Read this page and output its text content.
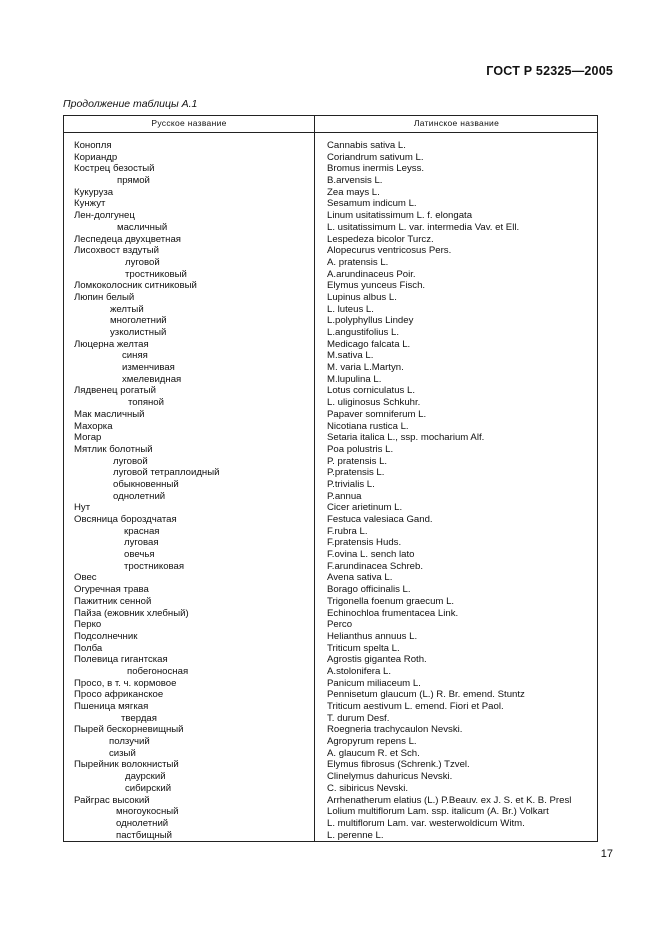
ГОСТ Р 52325—2005
Продолжение таблицы А.1
Русское название	Латинское название
Конопля	Cannabis sativa L.
Кориандр	Coriandrum sativum L.
Кострец безостый	Bromus inermis Leyss.
прямой	B.arvensis L.
Кукуруза	Zea mays L.
Кунжут	Sesamum indicum L.
Лен-долгунец	Linum usitatissimum L. f. elongata
масличный	L. usitatissimum L. var. intermedia Vav. et Ell.
Леспедеца двухцветная	Lespedeza bicolor Turcz.
Лисохвост вздутый	Alopecurus ventricosus Pers.
луговой	A. pratensis L.
тростниковый	A.arundinaceus Poir.
Ломкоколосник ситниковый	Elymus yunceus Fisch.
Люпин белый	Lupinus albus L.
желтый	L. luteus L.
многолетний	L.polyphyllus Lindey
узколистный	L.angustifolius L.
Люцерна желтая	Medicago falcata L.
синяя	M.sativa L.
изменчивая	M. varia L.Martyn.
хмелевидная	M.lupulina L.
Лядвенец рогатый	Lotus corniculatus L.
топяной	L. uliginosus Schkuhr.
Мак масличный	Papaver somniferum L.
Махорка	Nicotiana rustica L.
Могар	Setaria italica L., ssp. mocharium Alf.
Мятлик болотный	Poa polustris L.
луговой	P. pratensis L.
луговой тетраплоидный	P.pratensis L.
обыкновенный	P.trivialis L.
однолетний	P.annua
Нут	Cicer arietinum L.
Овсяница бороздчатая	Festuca valesiaca Gand.
красная	F.rubra L.
луговая	F.pratensis Huds.
овечья	F.ovina L. sench lato
тростниковая	F.arundinacea Schreb.
Овес	Avena sativa L.
Огуречная трава	Borago officinalis L.
Пажитник сенной	Trigonella foenum graecum L.
Пайза (ежовник хлебный)	Echinochloa frumentacea Link.
Перко	Perco
Подсолнечник	Helianthus annuus L.
Полба	Triticum spelta L.
Полевица гигантская	Agrostis gigantea Roth.
побегоносная	A.stolonifera L.
Просо, в т. ч. кормовое	Panicum miliaceum L.
Просо африканское	Pennisetum glaucum (L.) R. Br. emend. Stuntz
Пшеница мягкая	Triticum aestivum L. emend. Fiori et Paol.
твердая	T. durum Desf.
Пырей бескорневищный	Roegneria trachycaulon Nevski.
ползучий	Agropyrum repens L.
сизый	A. glaucum R. et Sch.
Пырейник волокнистый	Elymus fibrosus (Schrenk.) Tzvel.
даурский	Clinelymus dahuricus Nevski.
сибирский	C. sibiricus Nevski.
Райграс высокий	Arrhenatherum elatius (L.) P.Beauv. ex J. S. et K. B. Presl
многоукосный	Lolium multiflorum Lam. ssp. italicum (A. Br.) Volkart
однолетний	L. multiflorum Lam. var. westerwoldicum Witm.
пастбищный	L. perenne L.
17
